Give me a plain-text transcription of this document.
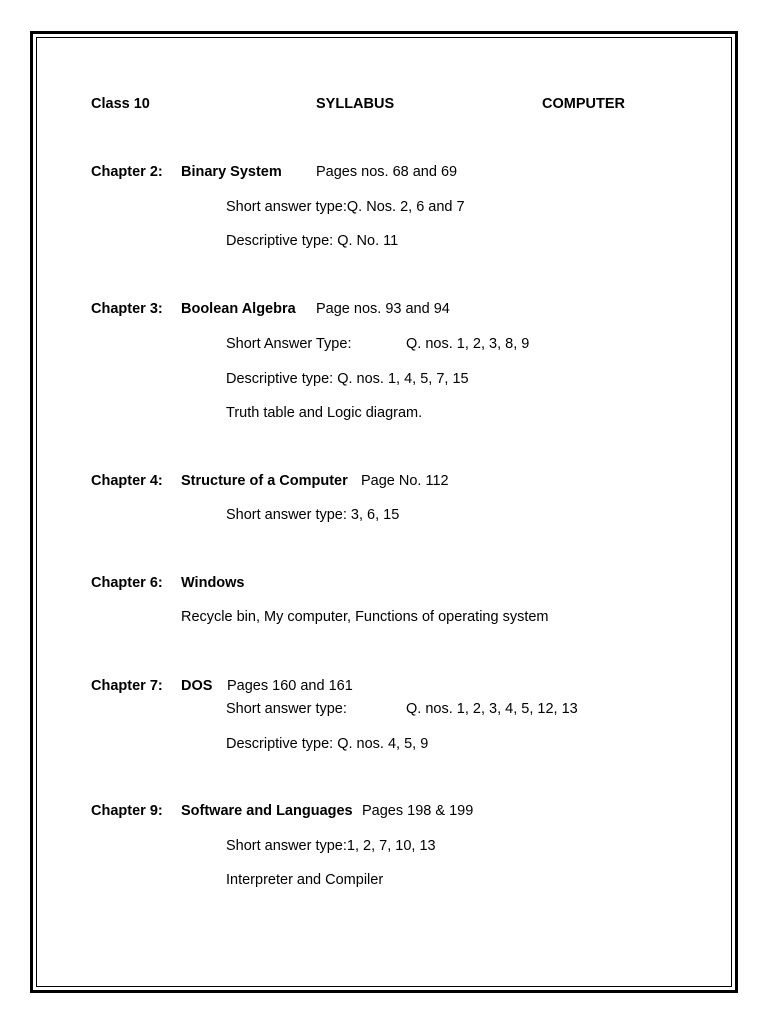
Class 10	SYLLABUS	COMPUTER
Chapter 2: Binary System Pages nos. 68 and 69
Short answer type:Q. Nos. 2, 6 and 7
Descriptive type: Q. No. 11
Chapter 3: Boolean Algebra Page nos. 93 and 94
Short Answer Type:	Q. nos. 1, 2, 3, 8, 9
Descriptive type: Q. nos. 1, 4, 5, 7, 15
Truth table and Logic diagram.
Chapter 4: Structure of a Computer Page No. 112
Short answer type: 3, 6, 15
Chapter 6: Windows
Recycle bin, My computer, Functions of operating system
Chapter 7: DOS Pages 160 and 161
Short answer type:	Q. nos. 1, 2, 3, 4, 5, 12, 13
Descriptive type: Q. nos. 4, 5, 9
Chapter 9: Software and Languages Pages 198 & 199
Short answer type:1, 2, 7, 10, 13
Interpreter and Compiler
